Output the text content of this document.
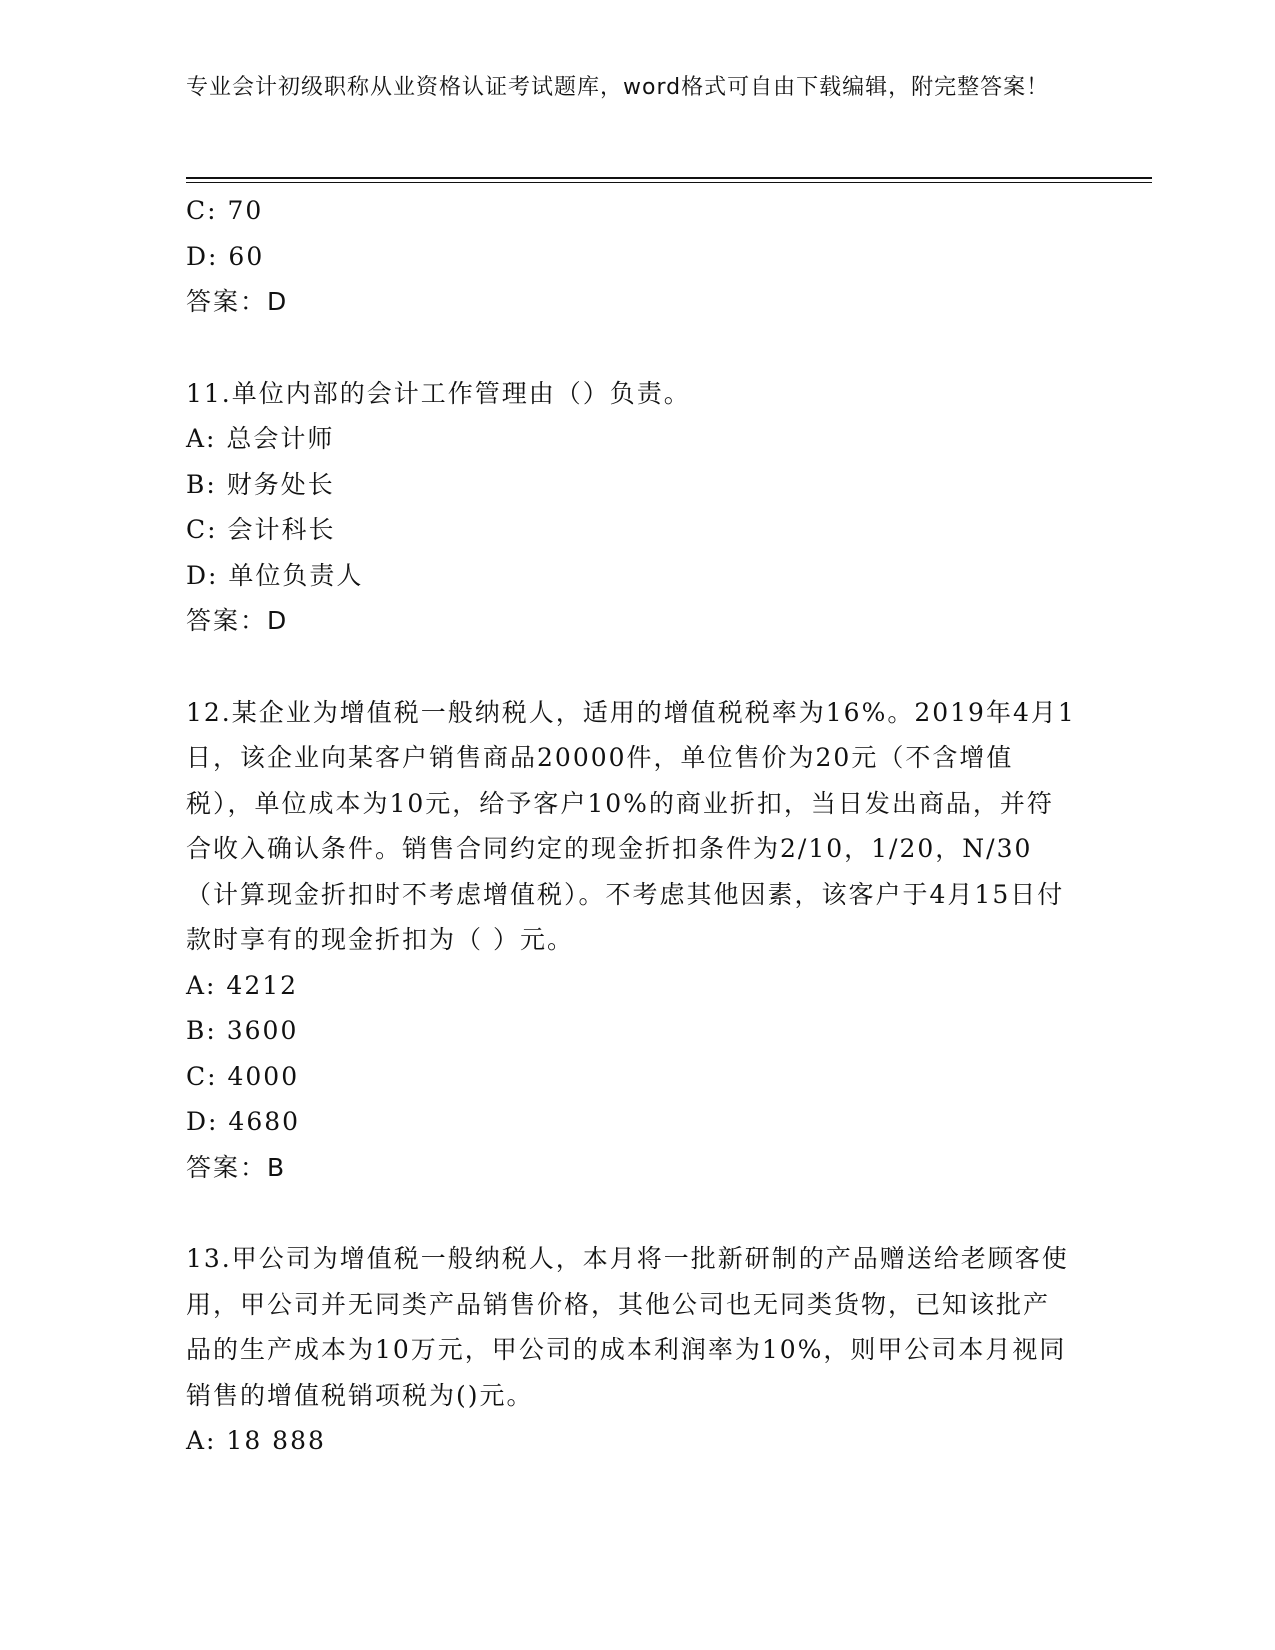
专业会计初级职称从业资格认证考试题库，word格式可自由下载编辑，附完整答案！
C: 70
D: 60
答案：D
11.单位内部的会计工作管理由（）负责。
A: 总会计师
B: 财务处长
C: 会计科长
D: 单位负责人
答案：D
12.某企业为增值税一般纳税人，适用的增值税税率为16%。2019年4月1日，该企业向某客户销售商品20000件，单位售价为20元（不含增值税），单位成本为10元，给予客户10%的商业折扣，当日发出商品，并符合收入确认条件。销售合同约定的现金折扣条件为2/10，1/20，N/30（计算现金折扣时不考虑增值税）。不考虑其他因素，该客户于4月15日付款时享有的现金折扣为（ ）元。
A: 4212
B: 3600
C: 4000
D: 4680
答案：B
13.甲公司为增值税一般纳税人，本月将一批新研制的产品赠送给老顾客使用，甲公司并无同类产品销售价格，其他公司也无同类货物，已知该批产品的生产成本为10万元，甲公司的成本利润率为10%，则甲公司本月视同销售的增值税销项税为()元。
A: 18 888
